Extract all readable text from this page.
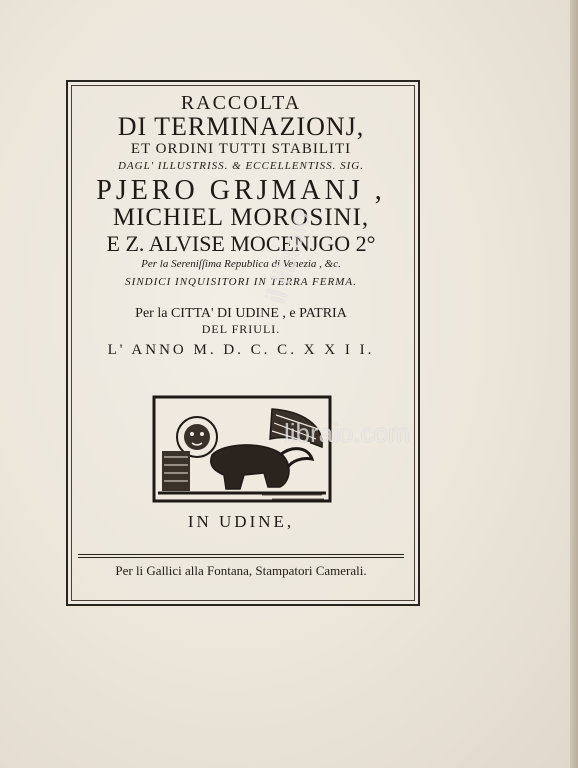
RACCOLTA
DI TERMINAZIONJ,
ET ORDINI TUTTI STABILITI
DAGL' ILLUSTRISS. & ECCELLENTISS. SIG.
PJERO GRJMANJ ,
MICHIEL MOROSINI,
E Z. ALVISE MOCENJGO 2°
Per la Sereniſſima Republica di Venezia , &c.
SINDICI INQUISITORI IN TERRA FERMA.
Per la CITTA' DI UDINE , e PATRIA
DEL FRIULI.
L' ANNO M. D. C. C. X X I I.
IN UDINE,
Per li Gallici alla Fontana, Stampatori Camerali.
il libraio
libraio.com
